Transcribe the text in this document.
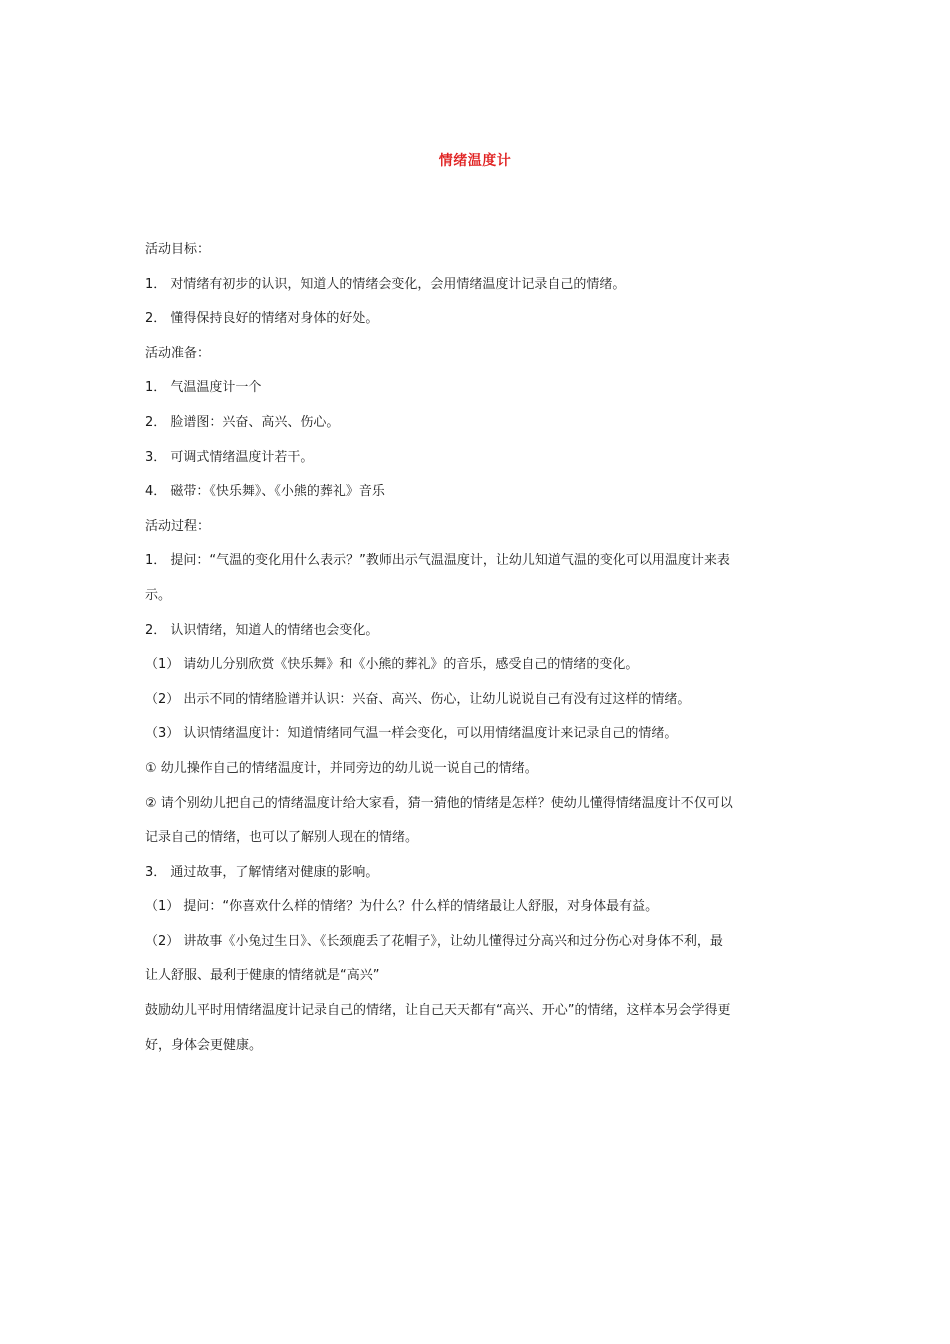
情绪温度计
活动目标：
1． 对情绪有初步的认识，知道人的情绪会变化，会用情绪温度计记录自己的情绪。
2． 懂得保持良好的情绪对身体的好处。
活动准备：
1． 气温温度计一个
2． 脸谱图：兴奋、高兴、伤心。
3． 可调式情绪温度计若干。
4． 磁带：《快乐舞》、《小熊的葬礼》音乐
活动过程：
1． 提问：“气温的变化用什么表示？”教师出示气温温度计，让幼儿知道气温的变化可以用温度计来表
示。
2． 认识情绪，知道人的情绪也会变化。
（1） 请幼儿分别欣赏《快乐舞》和《小熊的葬礼》的音乐，感受自己的情绪的变化。
（2） 出示不同的情绪脸谱并认识：兴奋、高兴、伤心，让幼儿说说自己有没有过这样的情绪。
（3） 认识情绪温度计：知道情绪同气温一样会变化，可以用情绪温度计来记录自己的情绪。
① 幼儿操作自己的情绪温度计，并同旁边的幼儿说一说自己的情绪。
② 请个别幼儿把自己的情绪温度计给大家看，猜一猜他的情绪是怎样？使幼儿懂得情绪温度计不仅可以
记录自己的情绪，也可以了解别人现在的情绪。
3． 通过故事，了解情绪对健康的影响。
（1） 提问：“你喜欢什么样的情绪？为什么？什么样的情绪最让人舒服，对身体最有益。
（2） 讲故事《小兔过生日》、《长颈鹿丢了花帽子》，让幼儿懂得过分高兴和过分伤心对身体不利，最
让人舒服、最利于健康的情绪就是“高兴”
鼓励幼儿平时用情绪温度计记录自己的情绪，让自己天天都有“高兴、开心”的情绪，这样本另会学得更
好，身体会更健康。
